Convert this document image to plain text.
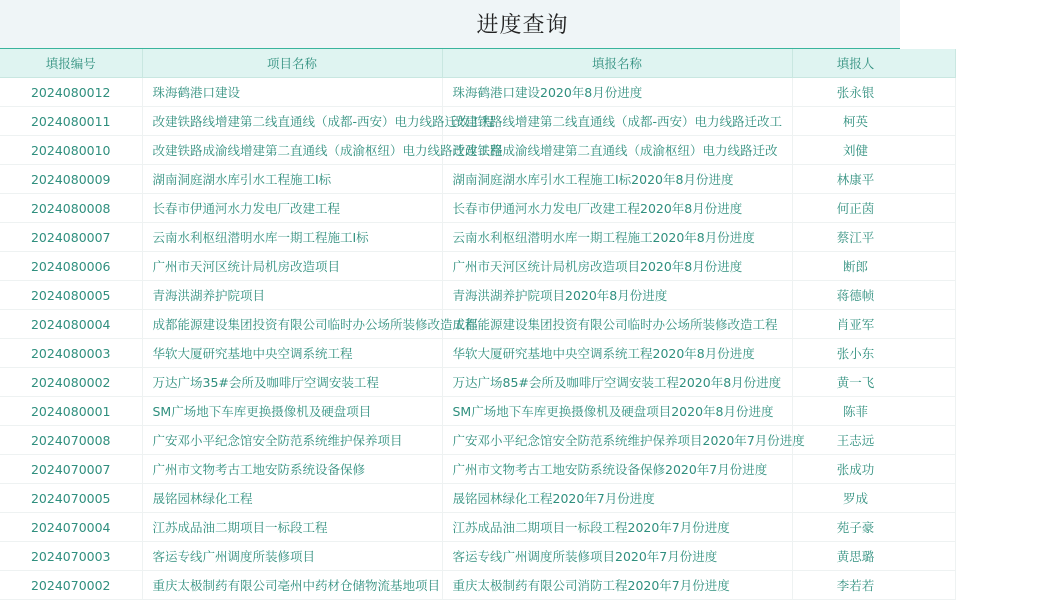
进度查询
填报编号	项目名称	填报名称	填报人
2024080012	珠海鹤港口建设	珠海鹤港口建设2020年8月份进度	张永银
2024080011	改建铁路线增建第二线直通线（成都-西安）电力线路迁改工程	改建铁路线增建第二线直通线（成都-西安）电力线路迁改工	柯英
2024080010	改建铁路成渝线增建第二直通线（成渝枢纽）电力线路迁改工程	改建铁路成渝线增建第二直通线（成渝枢纽）电力线路迁改	刘健
2024080009	湖南洞庭湖水库引水工程施工I标	湖南洞庭湖水库引水工程施工I标2020年8月份进度	林康平
2024080008	长春市伊通河水力发电厂改建工程	长春市伊通河水力发电厂改建工程2020年8月份进度	何正茵
2024080007	云南水利枢纽潜明水库一期工程施工I标	云南水利枢纽潜明水库一期工程施工2020年8月份进度	蔡江平
2024080006	广州市天河区统计局机房改造项目	广州市天河区统计局机房改造项目2020年8月份进度	断郎
2024080005	青海洪湖养护院项目	青海洪湖养护院项目2020年8月份进度	蒋德帧
2024080004	成都能源建设集团投资有限公司临时办公场所装修改造工程	成都能源建设集团投资有限公司临时办公场所装修改造工程	肖亚军
2024080003	华软大厦研究基地中央空调系统工程	华软大厦研究基地中央空调系统工程2020年8月份进度	张小东
2024080002	万达广场35#会所及咖啡厅空调安装工程	万达广场85#会所及咖啡厅空调安装工程2020年8月份进度	黄一飞
2024080001	SM广场地下车库更换摄像机及硬盘项目	SM广场地下车库更换摄像机及硬盘项目2020年8月份进度	陈菲
2024070008	广安邓小平纪念馆安全防范系统维护保养项目	广安邓小平纪念馆安全防范系统维护保养项目2020年7月份进度	王志远
2024070007	广州市文物考古工地安防系统设备保修	广州市文物考古工地安防系统设备保修2020年7月份进度	张成功
2024070005	晟铭园林绿化工程	晟铭园林绿化工程2020年7月份进度	罗成
2024070004	江苏成品油二期项目一标段工程	江苏成品油二期项目一标段工程2020年7月份进度	苑子豪
2024070003	客运专线广州调度所装修项目	客运专线广州调度所装修项目2020年7月份进度	黄思璐
2024070002	重庆太极制药有限公司亳州中药材仓储物流基地项目	重庆太极制药有限公司消防工程2020年7月份进度	李若若
